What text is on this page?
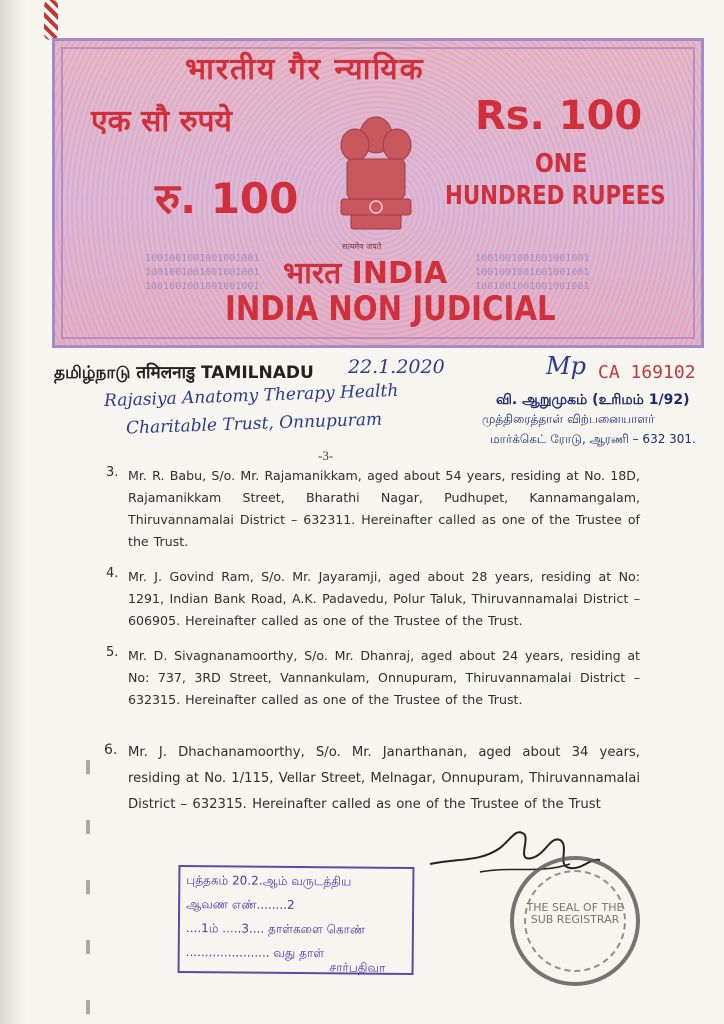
भारतीय गैर न्यायिक
एक सौ रुपये	Rs. 100
रु. 100
ONE
HUNDRED RUPEES
सत्यमेव जयते
1001001001001001001
1001001001001001001
1001001001001001001
1001001001001001001
1001001001001001001
1001001001001001001
भारत INDIA
INDIA NON JUDICIAL
தமிழ்நாடு तमिलनाडु TAMILNADU 22.1.2020
Rajasiya Anatomy Therapy Health
Charitable Trust, Onnupuram
Mp CA 169102
வி. ஆறுமுகம் (உரிமம் 1/92)
முத்திரைத்தாள் விற்பனையாளர்
மார்க்கெட் ரோடு, ஆரணி – 632 301.
-3-
3. Mr. R. Babu, S/o. Mr. Rajamanikkam, aged about 54 years, residing at No. 18D, Rajamanikkam Street, Bharathi Nagar, Pudhupet, Kannamangalam, Thiruvannamalai District – 632311. Hereinafter called as one of the Trustee of the Trust.
4. Mr. J. Govind Ram, S/o. Mr. Jayaramji, aged about 28 years, residing at No: 1291, Indian Bank Road, A.K. Padavedu, Polur Taluk, Thiruvannamalai District – 606905. Hereinafter called as one of the Trustee of the Trust.
5. Mr. D. Sivagnanamoorthy, S/o. Mr. Dhanraj, aged about 24 years, residing at No: 737, 3RD Street, Vannankulam, Onnupuram, Thiruvannamalai District – 632315. Hereinafter called as one of the Trustee of the Trust.
6. Mr. J. Dhachanamoorthy, S/o. Mr. Janarthanan, aged about 34 years, residing at No. 1/115, Vellar Street, Melnagar, Onnupuram, Thiruvannamalai District – 632315. Hereinafter called as one of the Trustee of the Trust
புத்தகம் 20.2.ஆம் வருடத்திய
ஆவண எண்........2
....1ம் .....3.... தாள்களை கொண்
...................... வது தாள்
சார்பதிவா
THE SEAL OF THE SUB REGISTRAR
